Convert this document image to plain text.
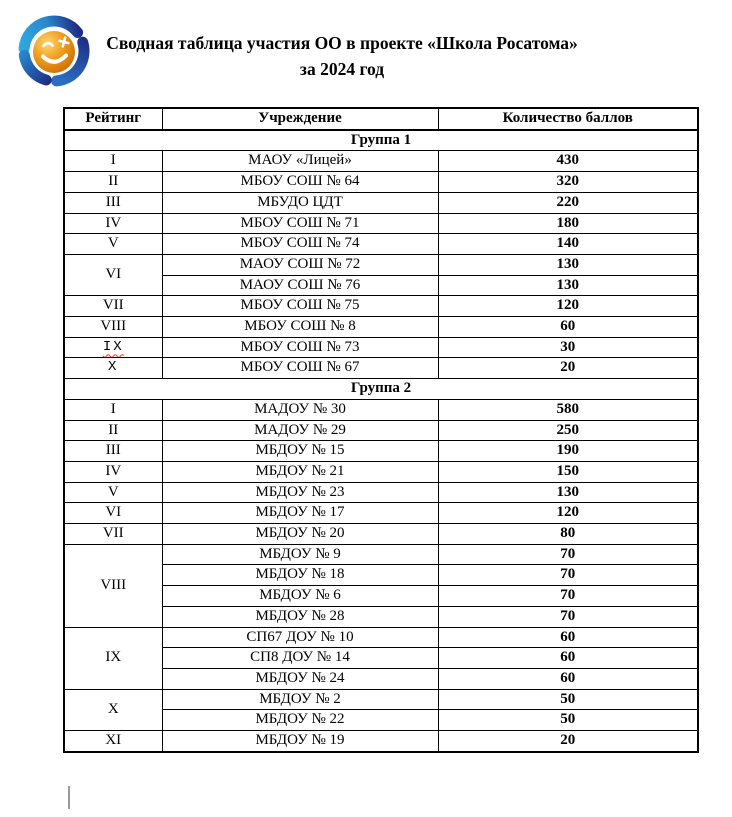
Сводная таблица участия ОО в проекте «Школа Росатома»
за 2024 год
Рейтинг	Учреждение	Количество баллов
Группа 1		
I	МАОУ «Лицей»	430
II	МБОУ СОШ № 64	320
III	МБУДО ЦДТ	220
IV	МБОУ СОШ № 71	180
V	МБОУ СОШ № 74	140
VI	МАОУ СОШ № 72	130
	МАОУ СОШ № 76	130
VII	МБОУ СОШ № 75	120
VIII	МБОУ СОШ № 8	60
IX	МБОУ СОШ № 73	30
X	МБОУ СОШ № 67	20
Группа 2		
I	МАДОУ № 30	580
II	МАДОУ № 29	250
III	МБДОУ № 15	190
IV	МБДОУ № 21	150
V	МБДОУ № 23	130
VI	МБДОУ № 17	120
VII	МБДОУ № 20	80
VIII	МБДОУ № 9	70
	МБДОУ № 18	70
	МБДОУ № 6	70
	МБДОУ № 28	70
IX	СП67 ДОУ № 10	60
	СП8 ДОУ № 14	60
	МБДОУ № 24	60
X	МБДОУ № 2	50
	МБДОУ № 22	50
XI	МБДОУ № 19	20
